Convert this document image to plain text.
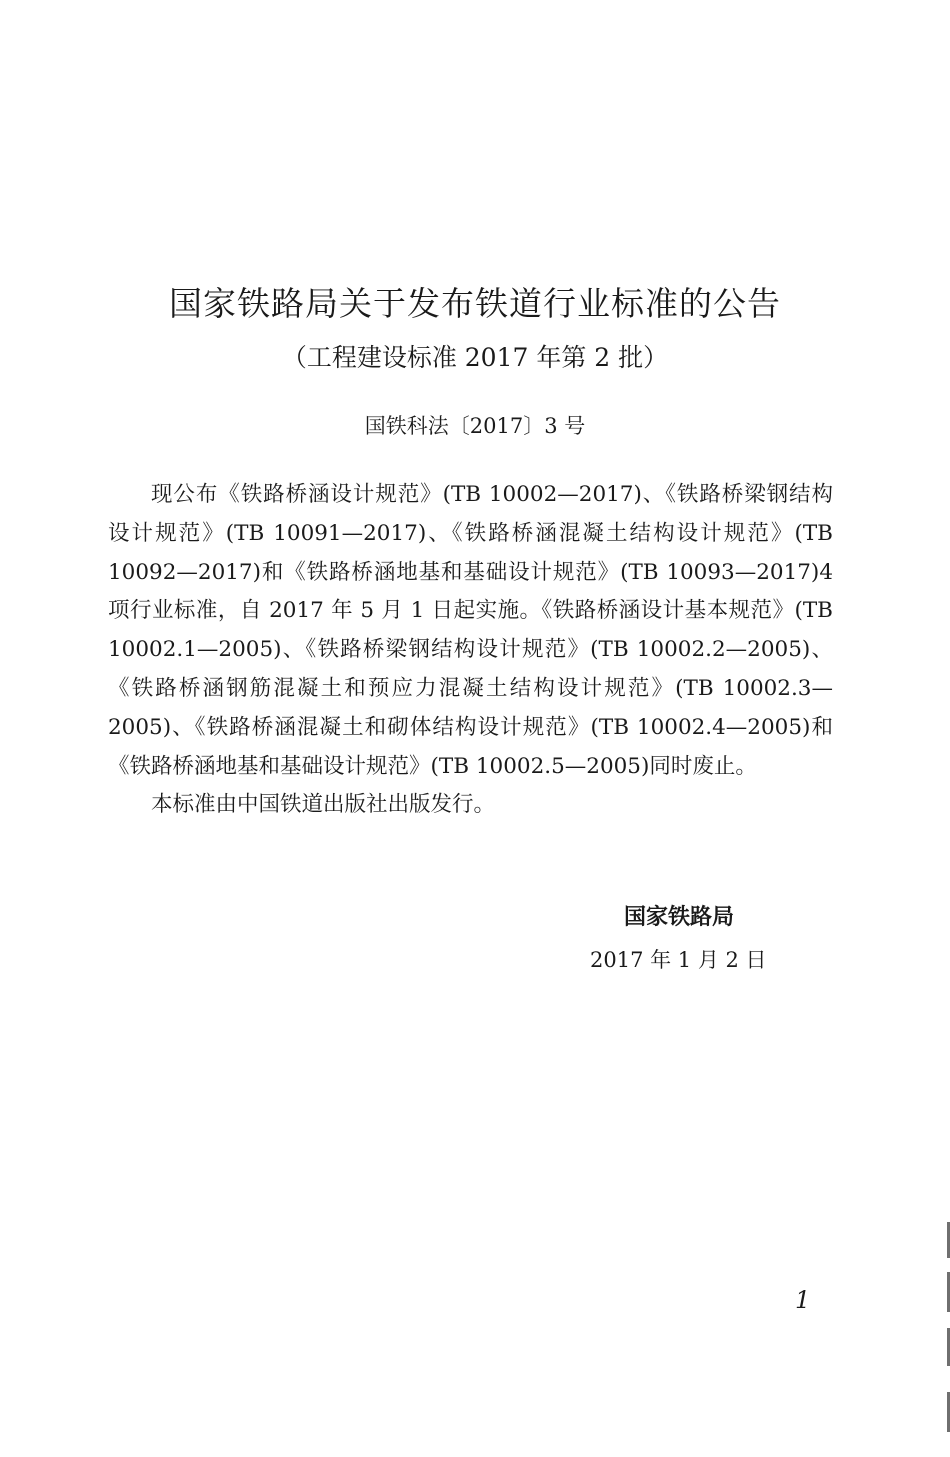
国家铁路局关于发布铁道行业标准的公告
（工程建设标准 2017 年第 2 批）
国铁科法〔2017〕3 号

现公布《铁路桥涵设计规范》(TB 10002—2017)、《铁路桥梁钢结构设计规范》(TB 10091—2017)、《铁路桥涵混凝土结构设计规范》(TB 10092—2017)和《铁路桥涵地基和基础设计规范》(TB 10093—2017)4 项行业标准，自 2017 年 5 月 1 日起实施。《铁路桥涵设计基本规范》(TB 10002.1—2005)、《铁路桥梁钢结构设计规范》(TB 10002.2—2005)、《铁路桥涵钢筋混凝土和预应力混凝土结构设计规范》(TB 10002.3—2005)、《铁路桥涵混凝土和砌体结构设计规范》(TB 10002.4—2005)和《铁路桥涵地基和基础设计规范》(TB 10002.5—2005)同时废止。

本标准由中国铁道出版社出版发行。

国家铁路局
2017 年 1 月 2 日
1
